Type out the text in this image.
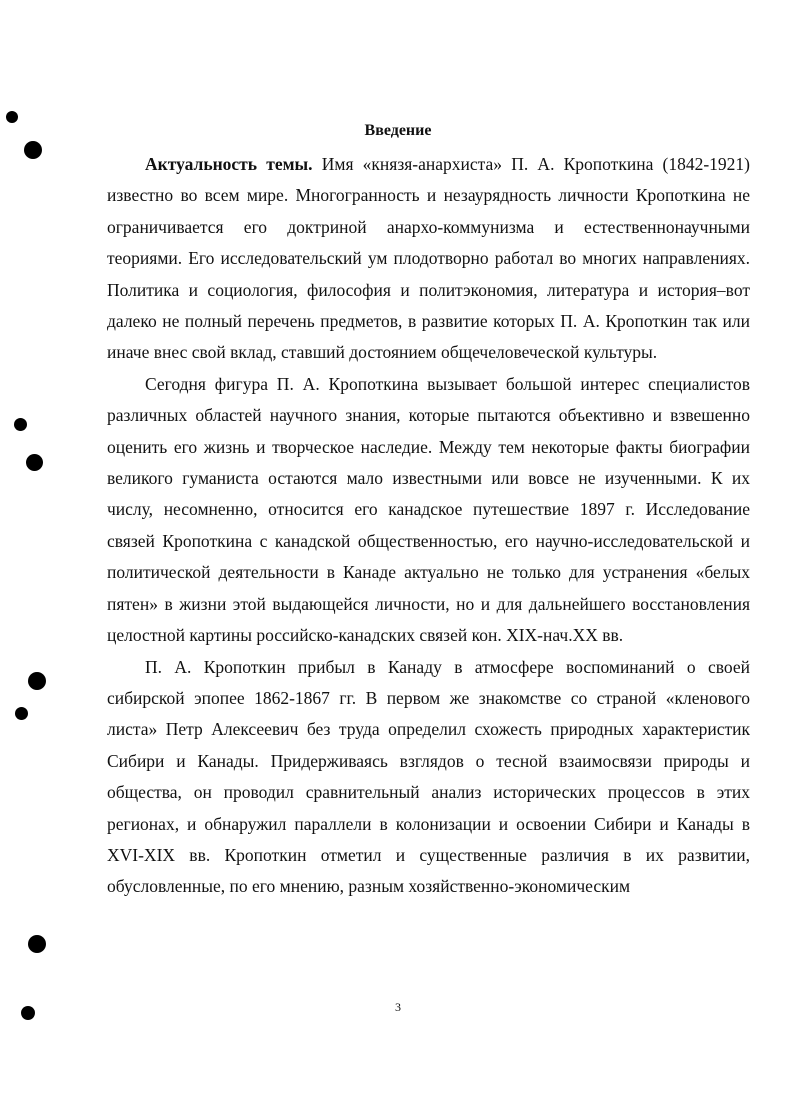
Введение

Актуальность темы. Имя «князя-анархиста» П. А. Кропоткина (1842-1921) известно во всем мире. Многогранность и незаурядность личности Кропоткина не ограничивается его доктриной анархо-коммунизма и естественнонаучными теориями. Его исследовательский ум плодотворно работал во многих направлениях. Политика и социология, философия и политэкономия, литература и история–вот далеко не полный перечень предметов, в развитие которых П. А. Кропоткин так или иначе внес свой вклад, ставший достоянием общечеловеческой культуры.

Сегодня фигура П. А. Кропоткина вызывает большой интерес специалистов различных областей научного знания, которые пытаются объективно и взвешенно оценить его жизнь и творческое наследие. Между тем некоторые факты биографии великого гуманиста остаются мало известными или вовсе не изученными. К их числу, несомненно, относится его канадское путешествие 1897 г. Исследование связей Кропоткина с канадской общественностью, его научно-исследовательской и политической деятельности в Канаде актуально не только для устранения «белых пятен» в жизни этой выдающейся личности, но и для дальнейшего восстановления целостной картины российско-канадских связей кон. XIX-нач.XX вв.

П. А. Кропоткин прибыл в Канаду в атмосфере воспоминаний о своей сибирской эпопее 1862-1867 гг. В первом же знакомстве со страной «кленового листа» Петр Алексеевич без труда определил схожесть природных характеристик Сибири и Канады. Придерживаясь взглядов о тесной взаимосвязи природы и общества, он проводил сравнительный анализ исторических процессов в этих регионах, и обнаружил параллели в колонизации и освоении Сибири и Канады в XVI-XIX вв. Кропоткин отметил и существенные различия в их развитии, обусловленные, по его мнению, разным хозяйственно-экономическим

3
